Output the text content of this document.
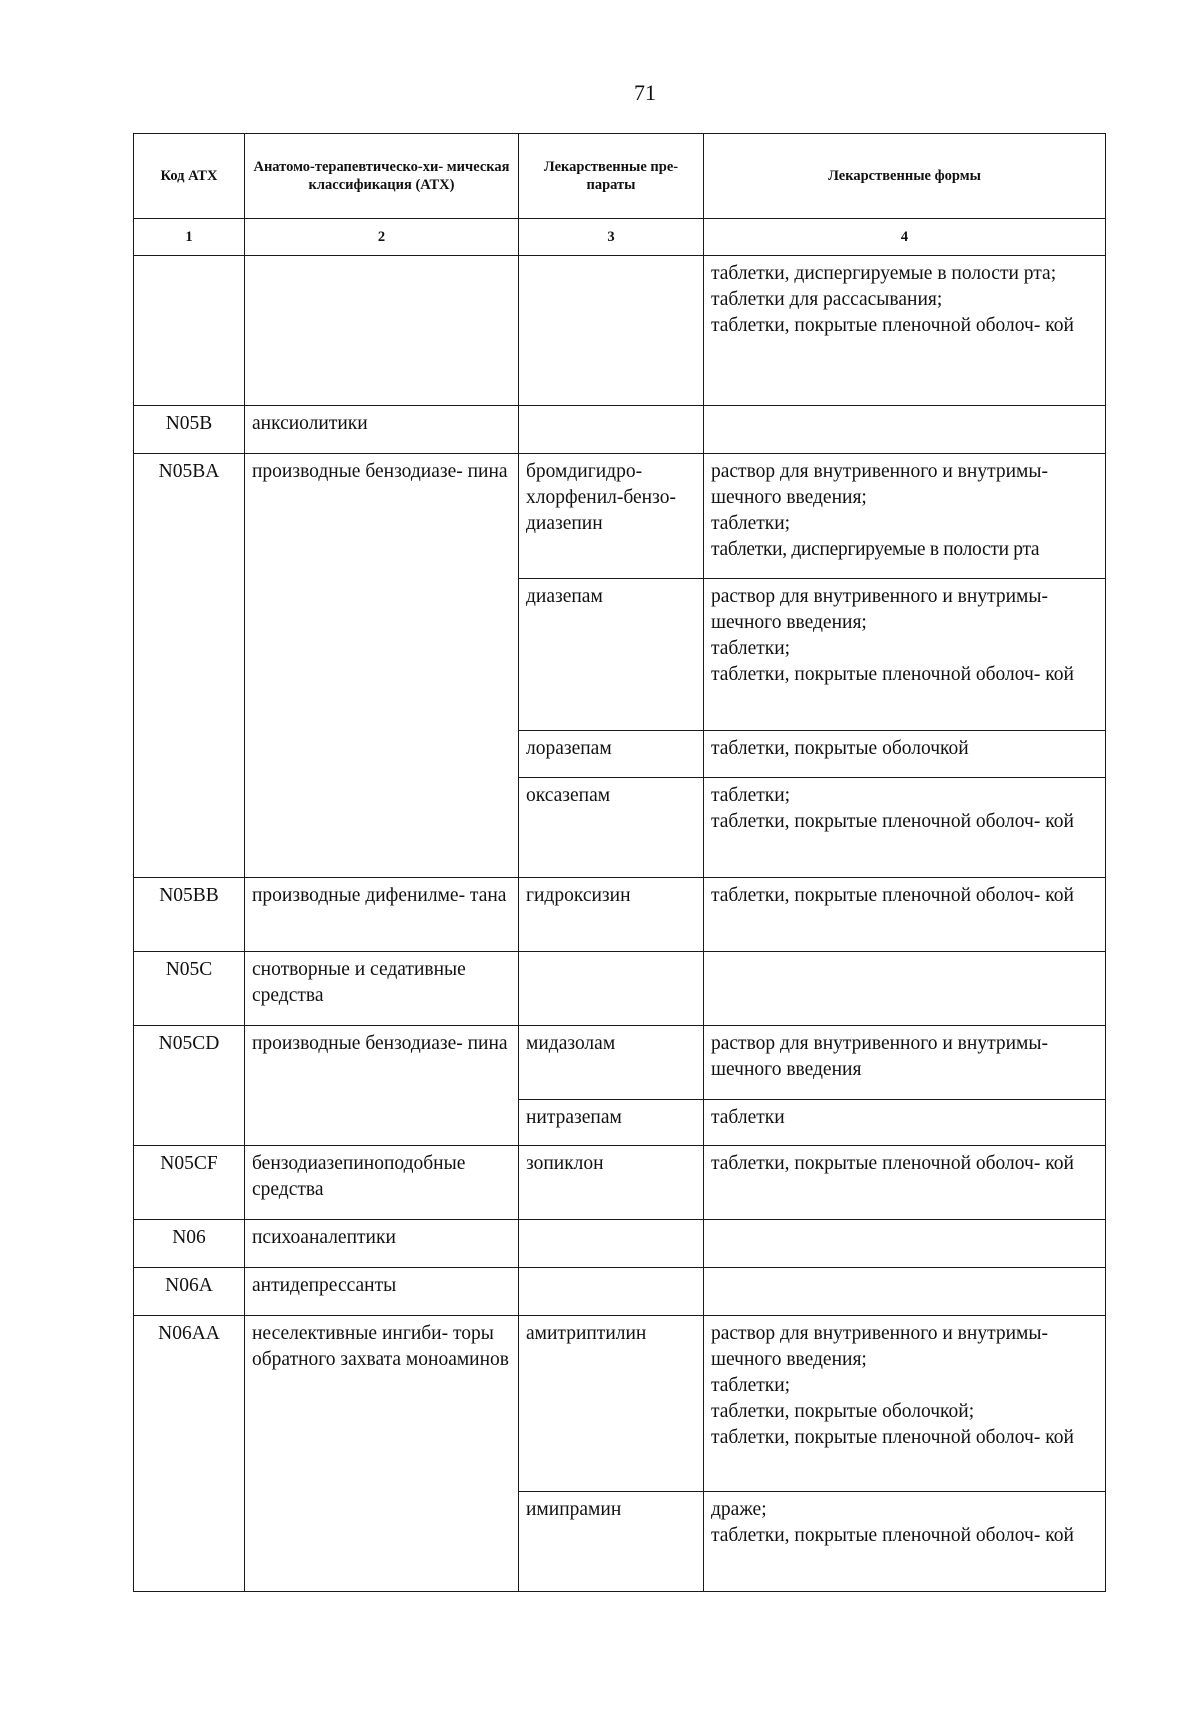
71
Код АТХ	Анатомо-терапевтическо-хи- мическая классификация (АТХ)	Лекарственные пре- параты	Лекарственные формы
1	2	3	4

			таблетки, диспергируемые в полости рта;
таблетки для рассасывания;
таблетки, покрытые пленочной оболоч- кой

N05B	анксиолитики		
N05BA	производные бензодиазе- пина	бромдигидро- хлорфенил-бензо- диазепин	раствор для внутривенного и внутримы- шечного введения;
таблетки;
таблетки, диспергируемые в полости рта

		диазепам	раствор для внутривенного и внутримы- шечного введения;
таблетки;
таблетки, покрытые пленочной оболоч- кой

		лоразепам	таблетки, покрытые оболочкой

		оксазепам	таблетки;
таблетки, покрытые пленочной оболоч- кой

N05BB	производные дифенилме- тана	гидроксизин	таблетки, покрытые пленочной оболоч- кой

N05C	снотворные и седативные средства		
N05CD	производные бензодиазе- пина	мидазолам	раствор для внутривенного и внутримы- шечного введения

		нитразепам	таблетки

N05CF	бензодиазепиноподобные средства	зопиклон	таблетки, покрытые пленочной оболоч- кой

N06	психоаналептики		
N06A	антидепрессанты		
N06AA	неселективные ингиби- торы обратного захвата моноаминов	амитриптилин	раствор для внутривенного и внутримы- шечного введения;
таблетки;
таблетки, покрытые оболочкой;
таблетки, покрытые пленочной оболоч- кой

		имипрамин	драже;
таблетки, покрытые пленочной оболоч- кой
